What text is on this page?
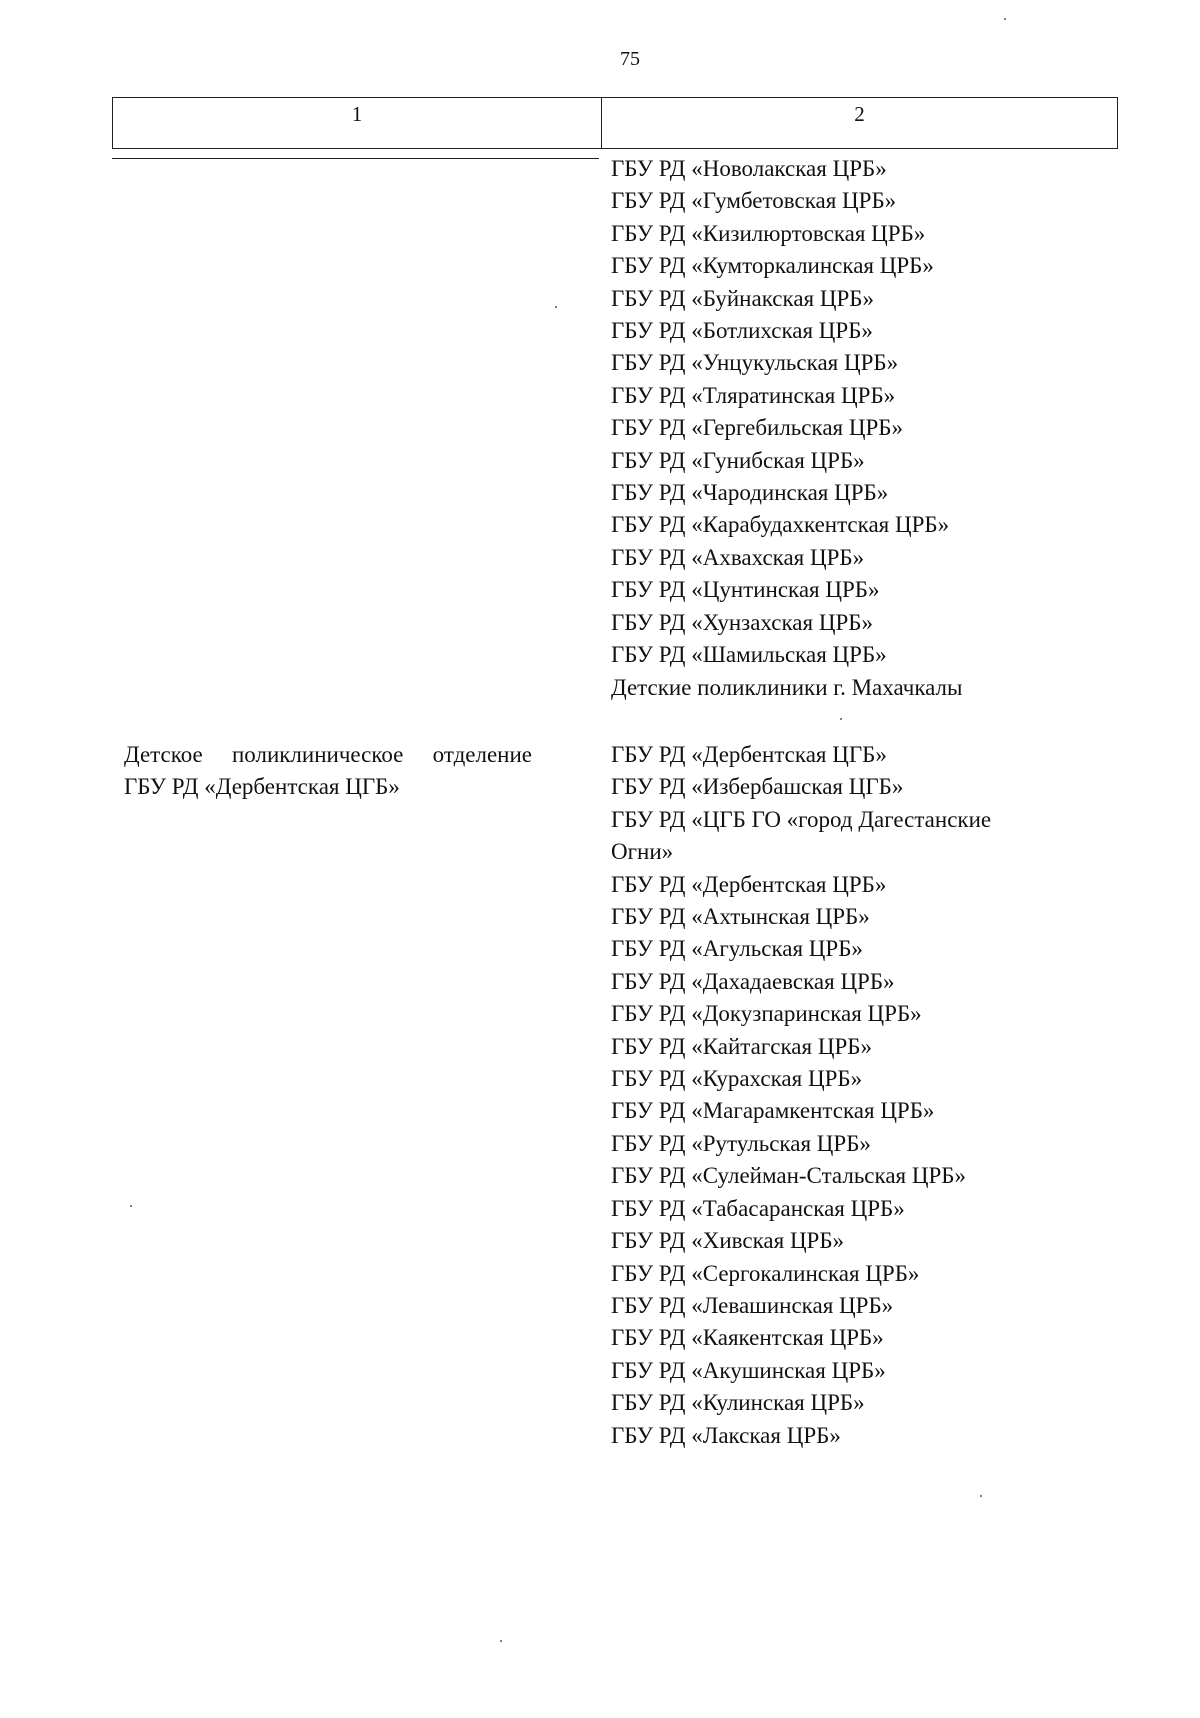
75
1	2
ГБУ РД «Новолакская ЦРБ»
ГБУ РД «Гумбетовская ЦРБ»
ГБУ РД «Кизилюртовская ЦРБ»
ГБУ РД «Кумторкалинская ЦРБ»
ГБУ РД «Буйнакская ЦРБ»
ГБУ РД «Ботлихская ЦРБ»
ГБУ РД «Унцукульская ЦРБ»
ГБУ РД «Тляратинская ЦРБ»
ГБУ РД «Гергебильская ЦРБ»
ГБУ РД «Гунибская ЦРБ»
ГБУ РД «Чародинская ЦРБ»
ГБУ РД «Карабудахкентская ЦРБ»
ГБУ РД «Ахвахская ЦРБ»
ГБУ РД «Цунтинская ЦРБ»
ГБУ РД «Хунзахская ЦРБ»
ГБУ РД «Шамильская ЦРБ»
Детские поликлиники г. Махачкалы
Детское поликлиническое отделение ГБУ РД «Дербентская ЦГБ»
ГБУ РД «Дербентская ЦГБ»
ГБУ РД «Избербашская ЦГБ»
ГБУ РД «ЦГБ ГО «город Дагестанские Огни»
ГБУ РД «Дербентская ЦРБ»
ГБУ РД «Ахтынская ЦРБ»
ГБУ РД «Агульская ЦРБ»
ГБУ РД «Дахадаевская ЦРБ»
ГБУ РД «Докузпаринская ЦРБ»
ГБУ РД «Кайтагская ЦРБ»
ГБУ РД «Курахская ЦРБ»
ГБУ РД «Магарамкентская ЦРБ»
ГБУ РД «Рутульская ЦРБ»
ГБУ РД «Сулейман-Стальская ЦРБ»
ГБУ РД «Табасаранская ЦРБ»
ГБУ РД «Хивская ЦРБ»
ГБУ РД «Сергокалинская ЦРБ»
ГБУ РД «Левашинская ЦРБ»
ГБУ РД «Каякентская ЦРБ»
ГБУ РД «Акушинская ЦРБ»
ГБУ РД «Кулинская ЦРБ»
ГБУ РД «Лакская ЦРБ»
